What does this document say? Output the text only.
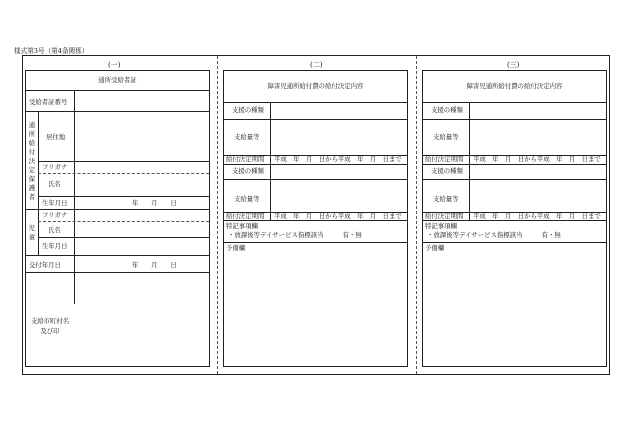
様式第3号（第4条関係）
(一)	(二)	(三)
通所受給者証
受給者証番号
通所給付決定保護者
居住地
フリガナ
氏名
生年月日	年　　月　　日
児童
フリガナ
氏名
生年月日
交付年月日	年　　月　　日
支給市町村名
及び印
障害児通所給付費の給付決定内容
支援の種類
支給量等
給付決定期間 平成　年　月　日から平成　年　月　日まで
支援の種類
支給量等
給付決定期間 平成　年　月　日から平成　年　月　日まで
特記事項欄
・放課後等デイサービス指標該当　　　有・無
予備欄
障害児通所給付費の給付決定内容
支援の種類
支給量等
給付決定期間 平成　年　月　日から平成　年　月　日まで
支援の種類
支給量等
給付決定期間 平成　年　月　日から平成　年　月　日まで
特記事項欄
・放課後等デイサービス指標該当　　　有・無
予備欄
